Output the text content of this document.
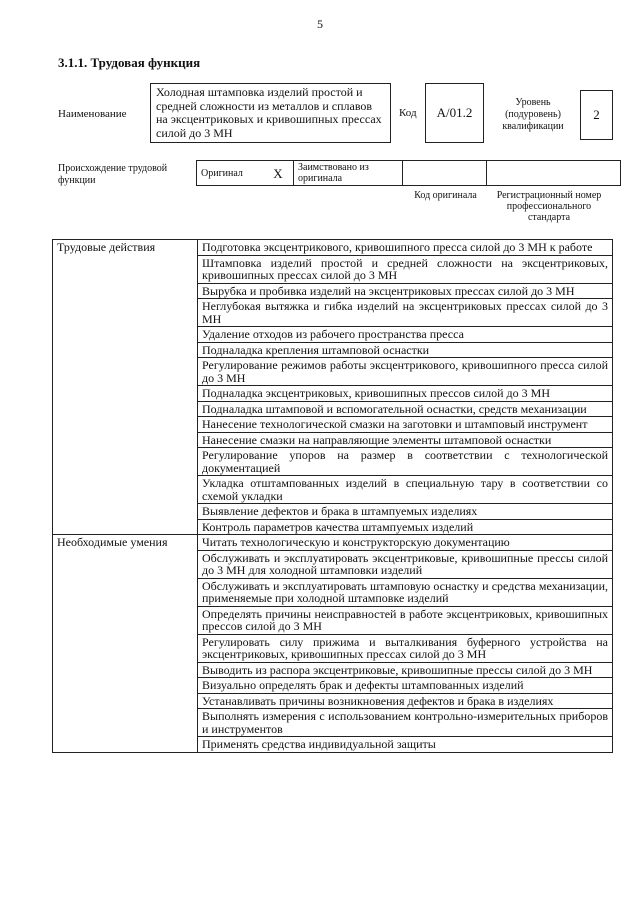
5
3.1.1. Трудовая функция
Наименование
Холодная штамповка изделий простой и средней сложности из металлов и сплавов на эксцентриковых и кривошипных прессах силой до 3 МН
Код	А/01.2
Уровень (подуровень) квалификации
2
Происхождение трудовой функции
Оригинал	X	Заимствовано из оригинала		
Код оригинала	Регистрационный номер профессионального стандарта
Трудовые действия	Подготовка эксцентрикового, кривошипного пресса силой до 3 МН к работе
	Штамповка изделий простой и средней сложности на эксцентриковых, кривошипных прессах силой до 3 МН
	Вырубка и пробивка изделий на эксцентриковых прессах силой до 3 МН
	Неглубокая вытяжка и гибка изделий на эксцентриковых прессах силой до 3 МН
	Удаление отходов из рабочего пространства пресса
	Подналадка крепления штамповой оснастки
	Регулирование режимов работы эксцентрикового, кривошипного пресса силой до 3 МН
	Подналадка эксцентриковых, кривошипных прессов силой до 3 МН
	Подналадка штамповой и вспомогательной оснастки, средств механизации
	Нанесение технологической смазки на заготовки и штамповый инструмент
	Нанесение смазки на направляющие элементы штамповой оснастки
	Регулирование упоров на размер в соответствии с технологической документацией
	Укладка отштампованных изделий в специальную тару в соответствии со схемой укладки
	Выявление дефектов и брака в штампуемых изделиях
	Контроль параметров качества штампуемых изделий
Необходимые умения	Читать технологическую и конструкторскую документацию
	Обслуживать и эксплуатировать эксцентриковые, кривошипные прессы силой до 3 МН для холодной штамповки изделий
	Обслуживать и эксплуатировать штамповую оснастку и средства механизации, применяемые при холодной штамповке изделий
	Определять причины неисправностей в работе эксцентриковых, кривошипных прессов силой до 3 МН
	Регулировать силу прижима и выталкивания буферного устройства на эксцентриковых, кривошипных прессах силой до 3 МН
	Выводить из распора эксцентриковые, кривошипные прессы силой до 3 МН
	Визуально определять брак и дефекты штампованных изделий
	Устанавливать причины возникновения дефектов и брака в изделиях
	Выполнять измерения с использованием контрольно-измерительных приборов и инструментов
	Применять средства индивидуальной защиты
